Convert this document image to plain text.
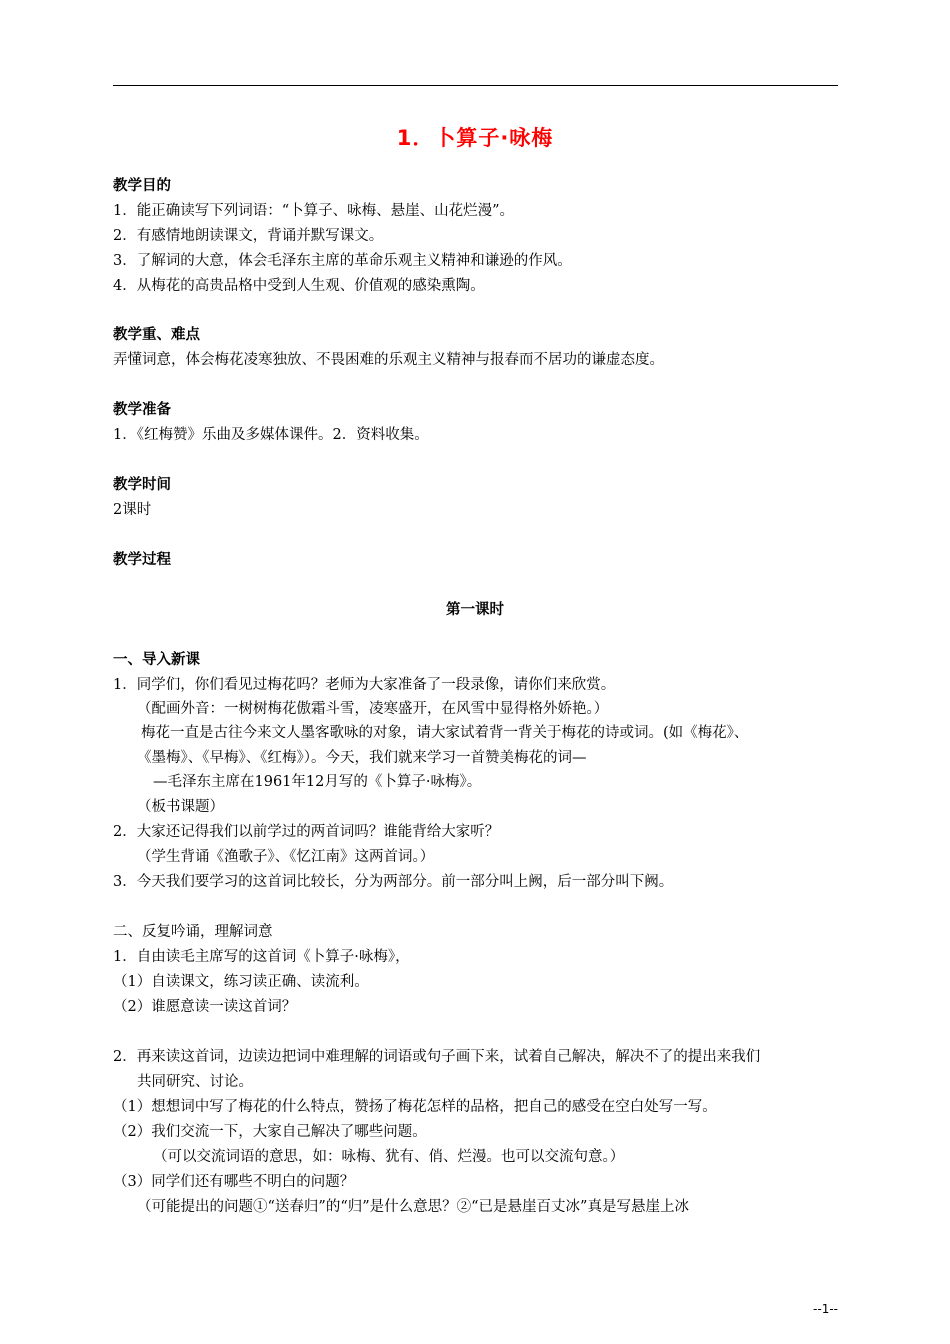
1．卜算子·咏梅
教学目的
1．能正确读写下列词语：“卜算子、咏梅、悬崖、山花烂漫”。
2．有感情地朗读课文，背诵并默写课文。
3．了解词的大意，体会毛泽东主席的革命乐观主义精神和谦逊的作风。
4．从梅花的高贵品格中受到人生观、价值观的感染熏陶。
教学重、难点
弄懂词意，体会梅花凌寒独放、不畏困难的乐观主义精神与报春而不居功的谦虚态度。
教学准备
1．《红梅赞》乐曲及多媒体课件。2．资料收集。
教学时间
2课时
教学过程
第一课时
一、导入新课
1．同学们，你们看见过梅花吗？老师为大家准备了一段录像，请你们来欣赏。
（配画外音：一树树梅花傲霜斗雪，凌寒盛开，在风雪中显得格外娇艳。）
梅花一直是古往今来文人墨客歌咏的对象，请大家试着背一背关于梅花的诗或词。(如《梅花》、
《墨梅》、《早梅》、《红梅》）。今天，我们就来学习一首赞美梅花的词—
—毛泽东主席在1961年12月写的《卜算子·咏梅》。
（板书课题）
2．大家还记得我们以前学过的两首词吗？谁能背给大家听？
（学生背诵《渔歌子》、《忆江南》这两首词。）
3．今天我们要学习的这首词比较长，分为两部分。前一部分叫上阙，后一部分叫下阙。
二、反复吟诵，理解词意
1．自由读毛主席写的这首词《卜算子·咏梅》，
（1）自读课文，练习读正确、读流利。
（2）谁愿意读一读这首词？
2．再来读这首词，边读边把词中难理解的词语或句子画下来，试着自己解决，解决不了的提出来我们
共同研究、讨论。
（1）想想词中写了梅花的什么特点，赞扬了梅花怎样的品格，把自己的感受在空白处写一写。
（2）我们交流一下，大家自己解决了哪些问题。
（可以交流词语的意思，如：咏梅、犹有、俏、烂漫。也可以交流句意。）
（3）同学们还有哪些不明白的问题？
（可能提出的问题①“送春归”的“归”是什么意思？②“已是悬崖百丈冰”真是写悬崖上冰
--1--
